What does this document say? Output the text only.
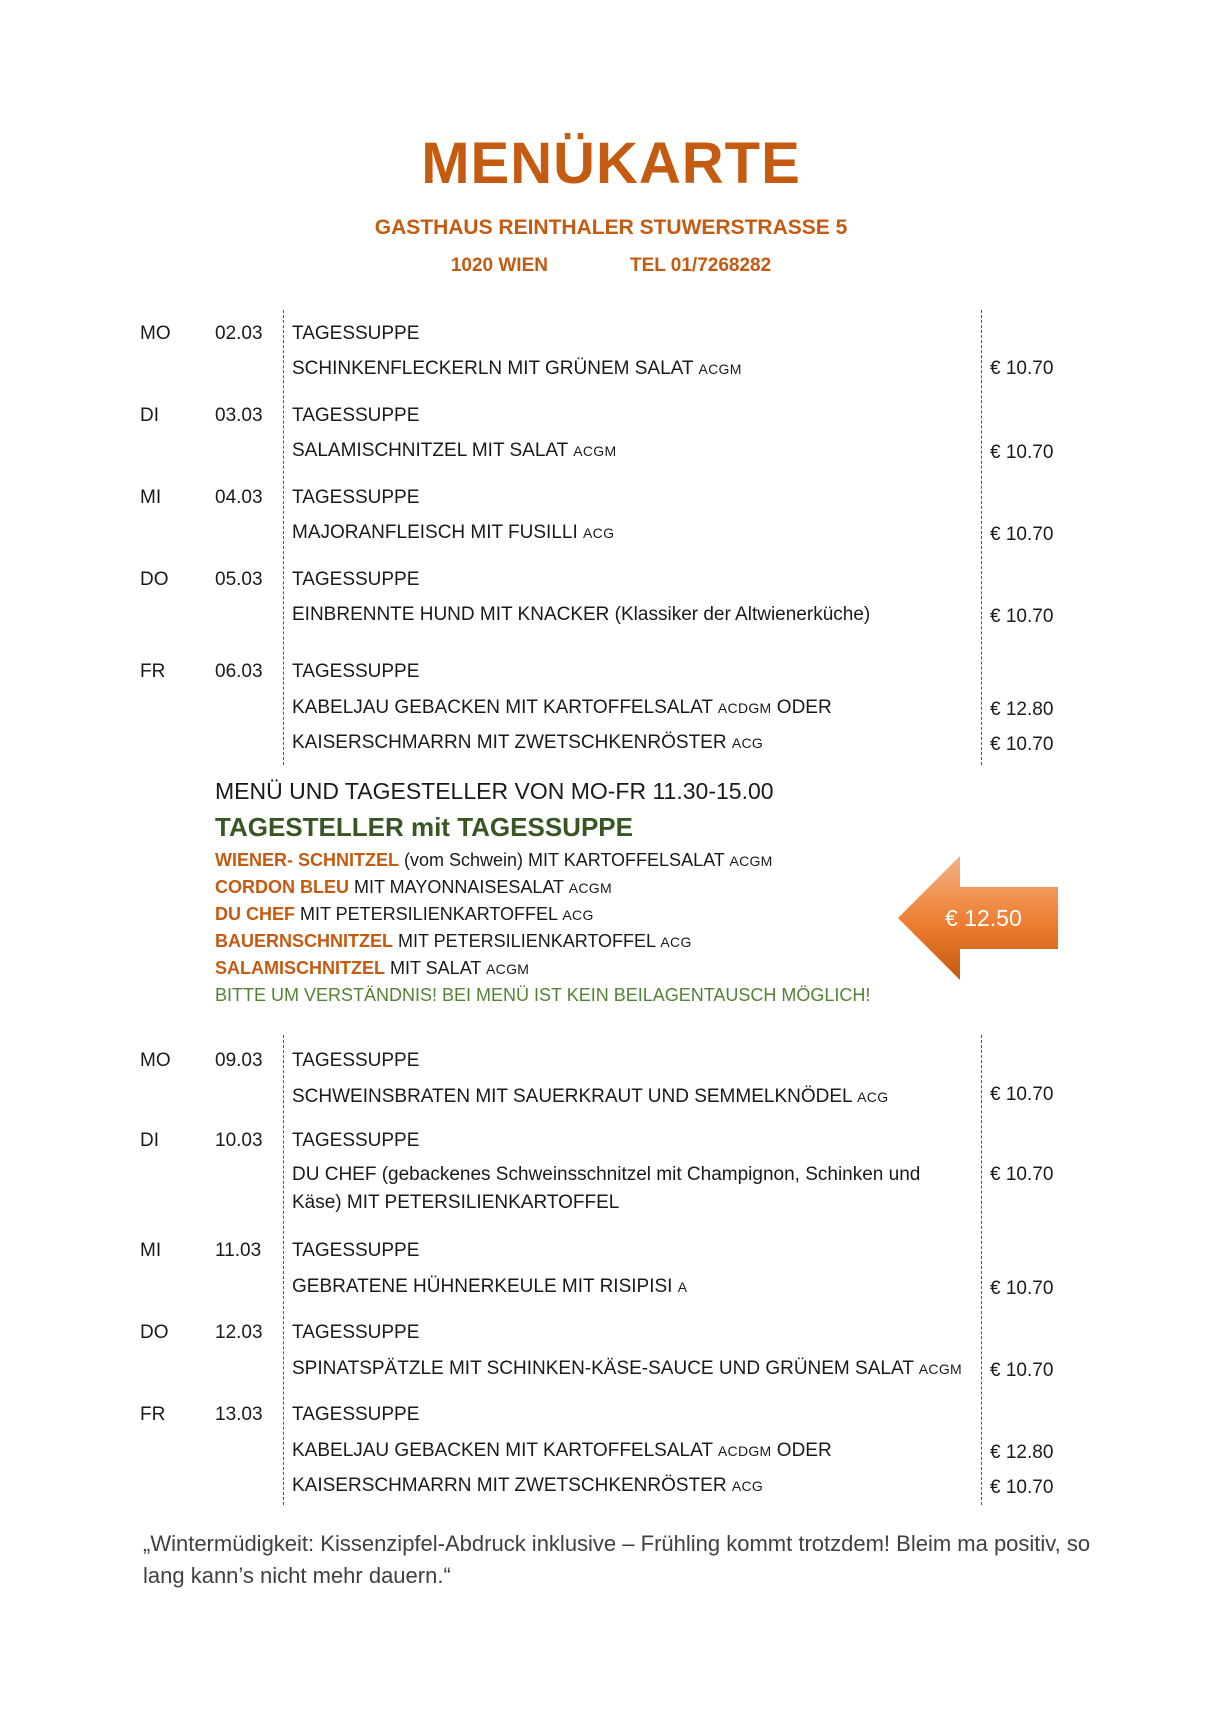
MENÜKARTE
GASTHAUS REINTHALER STUWERSTRASSE 5
1020 WIEN	TEL 01/7268282
MO 02.03 TAGESSUPPE
SCHINKENFLECKERLN MIT GRÜNEM SALAT ACGM	€ 10.70
DI	03.03 TAGESSUPPE
SALAMISCHNITZEL MIT SALAT ACGM	€ 10.70
MI	04.03 TAGESSUPPE
MAJORANFLEISCH MIT FUSILLI ACG	€ 10.70
DO 05.03 TAGESSUPPE
EINBRENNTE HUND MIT KNACKER (Klassiker der Altwienerküche)	€ 10.70
FR	06.03 TAGESSUPPE
KABELJAU GEBACKEN MIT KARTOFFELSALAT ACDGM ODER	€ 12.80
KAISERSCHMARRN MIT ZWETSCHKENRÖSTER ACG	€ 10.70
MENÜ UND TAGESTELLER VON MO-FR 11.30-15.00
TAGESTELLER mit TAGESSUPPE
WIENER- SCHNITZEL (vom Schwein) MIT KARTOFFELSALAT ACGM
CORDON BLEU MIT MAYONNAISESALAT ACGM
DU CHEF MIT PETERSILIENKARTOFFEL ACG
BAUERNSCHNITZEL MIT PETERSILIENKARTOFFEL ACG
SALAMISCHNITZEL MIT SALAT ACGM
BITTE UM VERSTÄNDNIS! BEI MENÜ IST KEIN BEILAGENTAUSCH MÖGLICH!
€ 12.50
MO 09.03 TAGESSUPPE
SCHWEINSBRATEN MIT SAUERKRAUT UND SEMMELKNÖDEL ACG	€ 10.70
DI	10.03 TAGESSUPPE
DU CHEF (gebackenes Schweinsschnitzel mit Champignon, Schinken und Käse) MIT PETERSILIENKARTOFFEL
€ 10.70
MI	11.03 TAGESSUPPE
GEBRATENE HÜHNERKEULE MIT RISIPISI A	€ 10.70
DO 12.03 TAGESSUPPE
SPINATSPÄTZLE MIT SCHINKEN-KÄSE-SAUCE UND GRÜNEM SALAT ACGM € 10.70
FR	13.03 TAGESSUPPE
KABELJAU GEBACKEN MIT KARTOFFELSALAT ACDGM ODER	€ 12.80
KAISERSCHMARRN MIT ZWETSCHKENRÖSTER ACG	€ 10.70
„Wintermüdigkeit: Kissenzipfel-Abdruck inklusive – Frühling kommt trotzdem! Bleim ma positiv, so lang kann’s nicht mehr dauern.“
